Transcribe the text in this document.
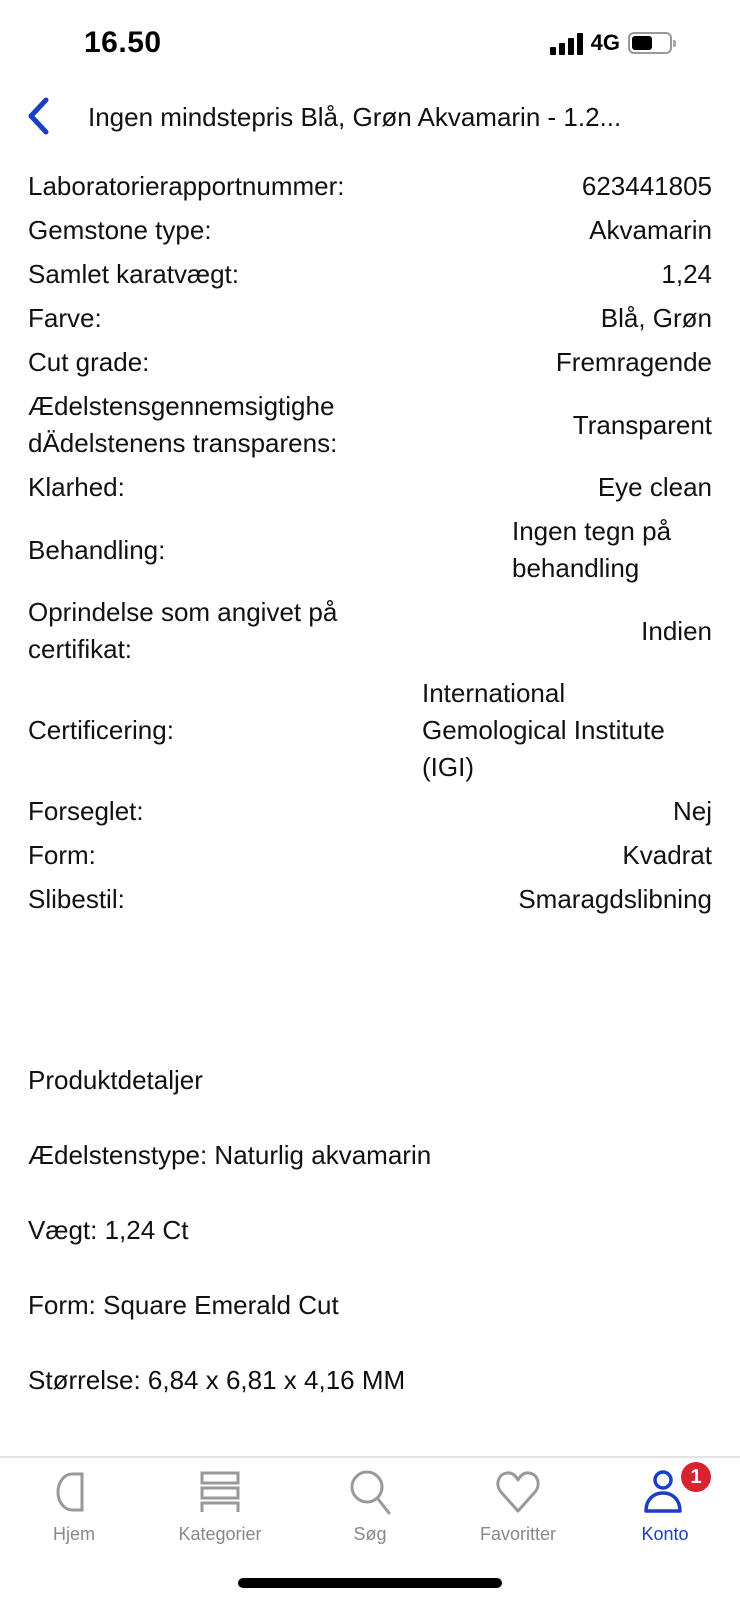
16.50	4G
Ingen mindstepris Blå, Grøn Akvamarin - 1.2...
Laboratorierapportnummer:	623441805
Gemstone type:	Akvamarin
Samlet karatvægt:	1,24
Farve:	Blå, Grøn
Cut grade:	Fremragende
ÆdelstensgennemsigtighedÄdelstenens transparens:
Transparent
Klarhed:	Eye clean
Behandling:
Ingen tegn på behandling
Oprindelse som angivet på certifikat:
Indien
Certificering:
International Gemological Institute (IGI)
Forseglet:	Nej
Form:	Kvadrat
Slibestil:	Smaragdslibning

Produktdetaljer

Ædelstenstype: Naturlig akvamarin

Vægt: 1,24 Ct

Form: Square Emerald Cut

Størrelse: 6,84 x 6,81 x 4,16 MM

Hjem	Kategorier	Søg	Favoritter
1
Konto
